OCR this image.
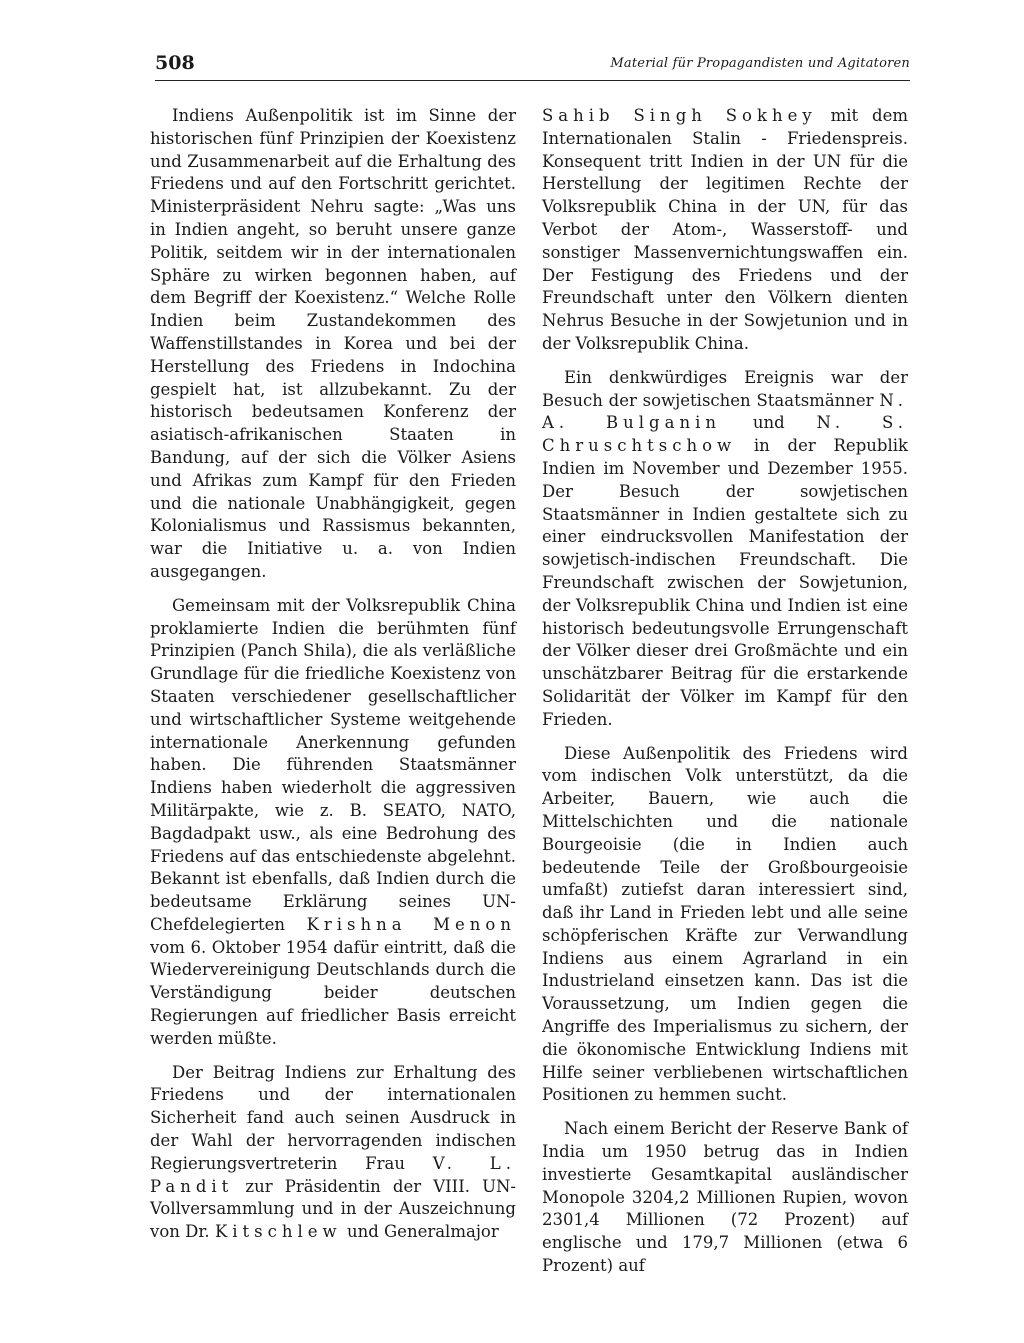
508	Material für Propagandisten und Agitatoren

Indiens Außenpolitik ist im Sinne der historischen fünf Prinzipien der Koexistenz und Zusammenarbeit auf die Erhaltung des Friedens und auf den Fortschritt gerichtet. Ministerpräsident Nehru sagte: „Was uns in Indien angeht, so beruht unsere ganze Politik, seitdem wir in der internationalen Sphäre zu wirken begonnen haben, auf dem Begriff der Koexistenz.“ Welche Rolle Indien beim Zustandekommen des Waffenstillstandes in Korea und bei der Herstellung des Friedens in Indochina gespielt hat, ist allzubekannt. Zu der historisch bedeutsamen Konferenz der asiatisch-afrikanischen Staaten in Bandung, auf der sich die Völker Asiens und Afrikas zum Kampf für den Frieden und die nationale Unabhängigkeit, gegen Kolonialismus und Rassismus bekannten, war die Initiative u. a. von Indien ausgegangen.

Gemeinsam mit der Volksrepublik China proklamierte Indien die berühmten fünf Prinzipien (Panch Shila), die als verläßliche Grundlage für die friedliche Koexistenz von Staaten verschiedener gesellschaftlicher und wirtschaftlicher Systeme weitgehende internationale Anerkennung gefunden haben. Die führenden Staatsmänner Indiens haben wiederholt die aggressiven Militärpakte, wie z. B. SEATO, NATO, Bagdadpakt usw., als eine Bedrohung des Friedens auf das entschiedenste abgelehnt. Bekannt ist ebenfalls, daß Indien durch die bedeutsame Erklärung seines UN-Chefdelegierten Krishna Menon vom 6. Oktober 1954 dafür eintritt, daß die Wiedervereinigung Deutschlands durch die Verständigung beider deutschen Regierungen auf friedlicher Basis erreicht werden müßte.

Der Beitrag Indiens zur Erhaltung des Friedens und der internationalen Sicherheit fand auch seinen Ausdruck in der Wahl der hervorragenden indischen Regierungsvertreterin Frau V. L. Pandit zur Präsidentin der VIII. UN-Vollversammlung und in der Auszeichnung von Dr. Kitschlew und Generalmajor

Sahib Singh Sokhey mit dem Internationalen Stalin - Friedenspreis. Konsequent tritt Indien in der UN für die Herstellung der legitimen Rechte der Volksrepublik China in der UN, für das Verbot der Atom-, Wasserstoff- und sonstiger Massenvernichtungswaffen ein. Der Festigung des Friedens und der Freundschaft unter den Völkern dienten Nehrus Besuche in der Sowjetunion und in der Volksrepublik China.

Ein denkwürdiges Ereignis war der Besuch der sowjetischen Staatsmänner N. A. Bulganin und N. S. Chruschtschow in der Republik Indien im November und Dezember 1955. Der Besuch der sowjetischen Staatsmänner in Indien gestaltete sich zu einer eindrucksvollen Manifestation der sowjetisch-indischen Freundschaft. Die Freundschaft zwischen der Sowjetunion, der Volksrepublik China und Indien ist eine historisch bedeutungsvolle Errungenschaft der Völker dieser drei Großmächte und ein unschätzbarer Beitrag für die erstarkende Solidarität der Völker im Kampf für den Frieden.

Diese Außenpolitik des Friedens wird vom indischen Volk unterstützt, da die Arbeiter, Bauern, wie auch die Mittelschichten und die nationale Bourgeoisie (die in Indien auch bedeutende Teile der Großbourgeoisie umfaßt) zutiefst daran interessiert sind, daß ihr Land in Frieden lebt und alle seine schöpferischen Kräfte zur Verwandlung Indiens aus einem Agrarland in ein Industrieland einsetzen kann. Das ist die Voraussetzung, um Indien gegen die Angriffe des Imperialismus zu sichern, der die ökonomische Entwicklung Indiens mit Hilfe seiner verbliebenen wirtschaftlichen Positionen zu hemmen sucht.

Nach einem Bericht der Reserve Bank of India um 1950 betrug das in Indien investierte Gesamtkapital ausländischer Monopole 3204,2 Millionen Rupien, wovon 2301,4 Millionen (72 Prozent) auf englische und 179,7 Millionen (etwa 6 Prozent) auf
